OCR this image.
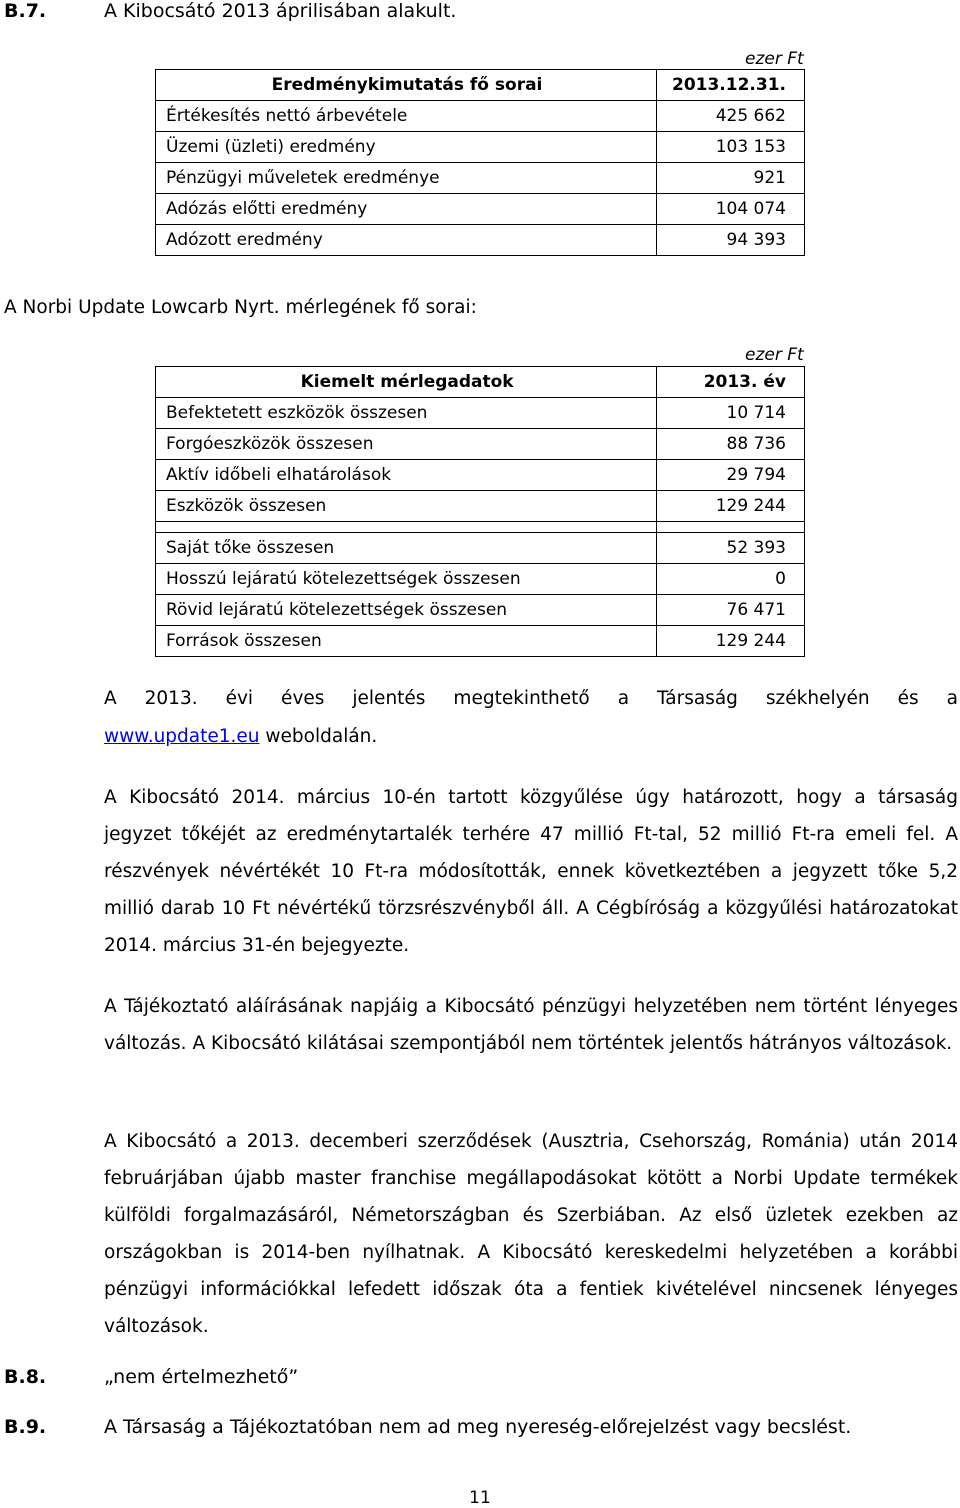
B.7.	A Kibocsátó 2013 áprilisában alakult.
ezer Ft
Eredménykimutatás fő sorai	2013.12.31.
Értékesítés nettó árbevétele	425 662
Üzemi (üzleti) eredmény	103 153
Pénzügyi műveletek eredménye	921
Adózás előtti eredmény	104 074
Adózott eredmény	94 393
A Norbi Update Lowcarb Nyrt. mérlegének fő sorai:
ezer Ft
Kiemelt mérlegadatok	2013. év
Befektetett eszközök összesen	10 714
Forgóeszközök összesen	88 736
Aktív időbeli elhatárolások	29 794
Eszközök összesen	129 244

Saját tőke összesen	52 393
Hosszú lejáratú kötelezettségek összesen	0
Rövid lejáratú kötelezettségek összesen	76 471
Források összesen	129 244
A 2013. évi éves jelentés megtekinthető a Társaság székhelyén és a
www.update1.eu weboldalán.
A Kibocsátó 2014. március 10-én tartott közgyűlése úgy határozott, hogy a társaság jegyzet tőkéjét az eredménytartalék terhére 47 millió Ft-tal, 52 millió Ft-ra emeli fel. A részvények névértékét 10 Ft-ra módosították, ennek következtében a jegyzett tőke 5,2 millió darab 10 Ft névértékű törzsrészvényből áll. A Cégbíróság a közgyűlési határozatokat 2014. március 31-én bejegyezte.
A Tájékoztató aláírásának napjáig a Kibocsátó pénzügyi helyzetében nem történt lényeges változás. A Kibocsátó kilátásai szempontjából nem történtek jelentős hátrányos változások.
A Kibocsátó a 2013. decemberi szerződések (Ausztria, Csehország, Románia) után 2014 februárjában újabb master franchise megállapodásokat kötött a Norbi Update termékek külföldi forgalmazásáról, Németországban és Szerbiában. Az első üzletek ezekben az országokban is 2014-ben nyílhatnak. A Kibocsátó kereskedelmi helyzetében a korábbi pénzügyi információkkal lefedett időszak óta a fentiek kivételével nincsenek lényeges változások.
B.8.	„nem értelmezhető”
B.9.	A Társaság a Tájékoztatóban nem ad meg nyereség-előrejelzést vagy becslést.
11
